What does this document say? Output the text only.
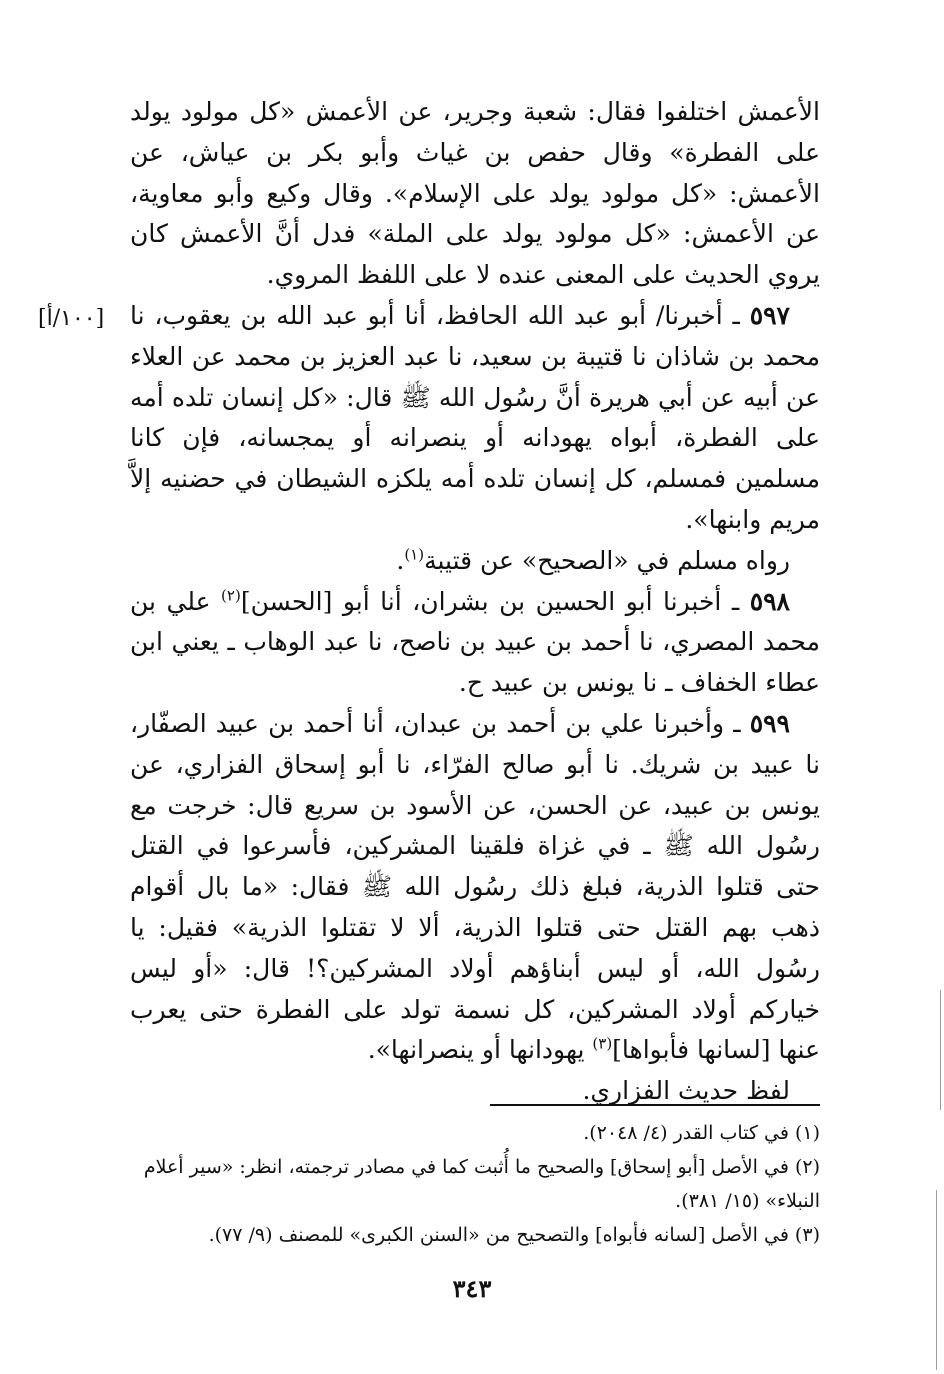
[١٠٠/أ]

الأعمش اختلفوا فقال: شعبة وجرير، عن الأعمش «كل مولود يولد على الفطرة» وقال حفص بن غياث وأبو بكر بن عياش، عن الأعمش: «كل مولود يولد على الإسلام». وقال وكيع وأبو معاوية، عن الأعمش: «كل مولود يولد على الملة» فدل أنَّ الأعمش كان يروي الحديث على المعنى عنده لا على اللفظ المروي.

٥٩٧ ـ أخبرنا/ أبو عبد الله الحافظ، أنا أبو عبد الله بن يعقوب، نا محمد بن شاذان نا قتيبة بن سعيد، نا عبد العزيز بن محمد عن العلاء عن أبيه عن أبي هريرة أنَّ رسُول الله ﷺ قال: «كل إنسان تلده أمه على الفطرة، أبواه يهودانه أو ينصرانه أو يمجسانه، فإن كانا مسلمين فمسلم، كل إنسان تلده أمه يلكزه الشيطان في حضنيه إلاَّ مريم وابنها».

رواه مسلم في «الصحيح» عن قتيبة$^{(١)}$.

٥٩٨ ـ أخبرنا أبو الحسين بن بشران، أنا أبو [الحسن]$^{(٢)}$ علي بن محمد المصري، نا أحمد بن عبيد بن ناصح، نا عبد الوهاب ـ يعني ابن عطاء الخفاف ـ نا يونس بن عبيد ح.

٥٩٩ ـ وأخبرنا علي بن أحمد بن عبدان، أنا أحمد بن عبيد الصفّار، نا عبيد بن شريك. نا أبو صالح الفرّاء، نا أبو إسحاق الفزاري، عن يونس بن عبيد، عن الحسن، عن الأسود بن سريع قال: خرجت مع رسُول الله ﷺ ـ في غزاة فلقينا المشركين، فأسرعوا في القتل حتى قتلوا الذرية، فبلغ ذلك رسُول الله ﷺ فقال: «ما بال أقوام ذهب بهم القتل حتى قتلوا الذرية، ألا لا تقتلوا الذرية» فقيل: يا رسُول الله، أو ليس أبناؤهم أولاد المشركين؟! قال: «أو ليس خياركم أولاد المشركين، كل نسمة تولد على الفطرة حتى يعرب عنها [لسانها فأبواها]$^{(٣)}$ يهودانها أو ينصرانها».

لفظ حديث الفزاري.

(١) في كتاب القدر (٤/ ٢٠٤٨).

(٢) في الأصل [أبو إسحاق] والصحيح ما أُثبت كما في مصادر ترجمته، انظر: «سير أعلام النبلاء» (١٥/ ٣٨١).

(٣) في الأصل [لسانه فأبواه] والتصحيح من «السنن الكبرى» للمصنف (٩/ ٧٧).

٣٤٣
